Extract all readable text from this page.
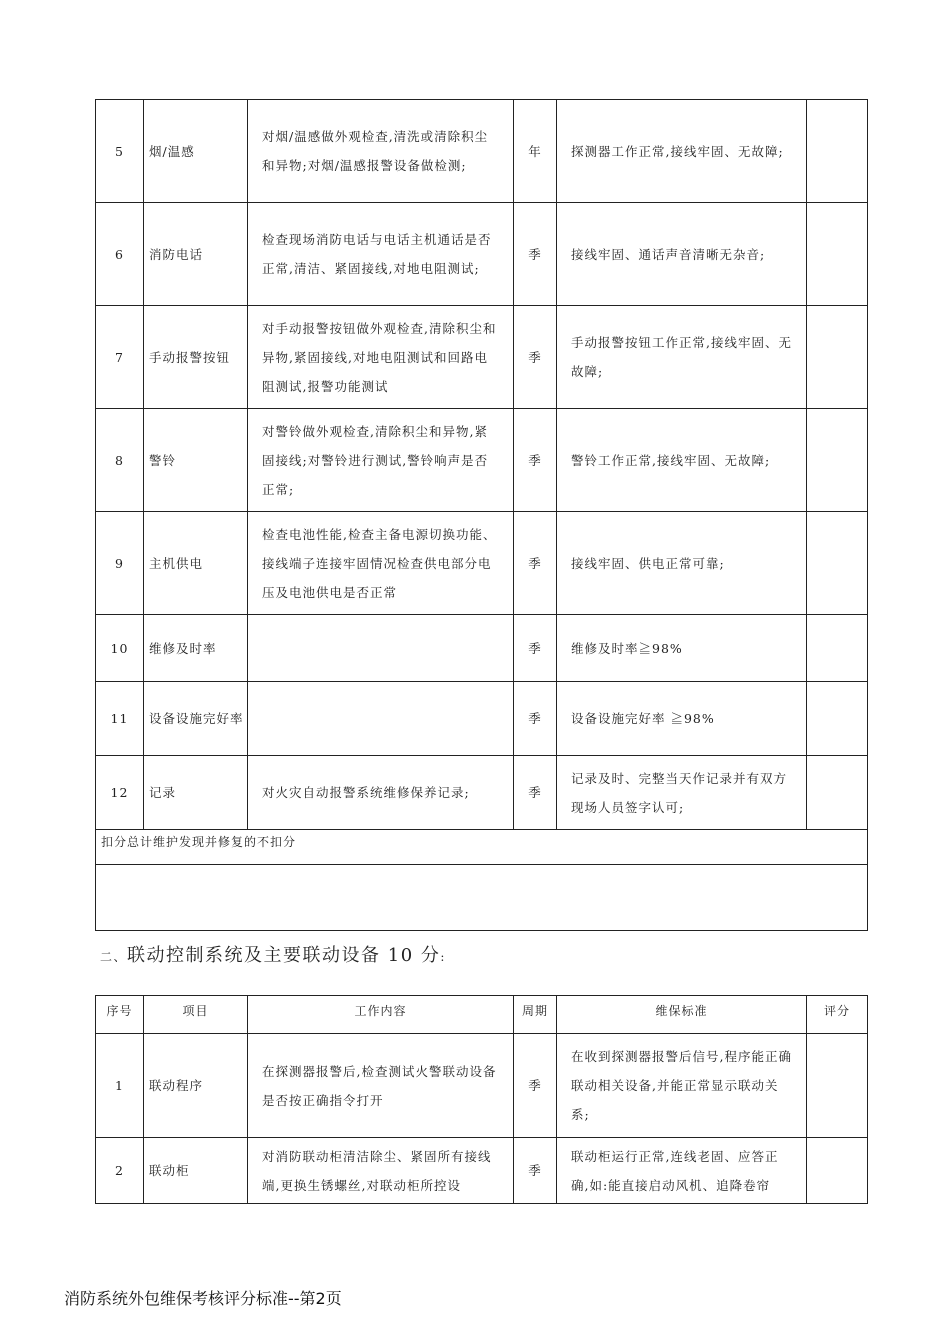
5	烟/温感	对烟/温感做外观检查,清洗或清除积尘和异物;对烟/温感报警设备做检测;	年	探测器工作正常,接线牢固、无故障;	
6	消防电话	检查现场消防电话与电话主机通话是否正常,清洁、紧固接线,对地电阻测试;	季	接线牢固、通话声音清晰无杂音;	
7	手动报警按钮	对手动报警按钮做外观检查,清除积尘和异物,紧固接线,对地电阻测试和回路电阻测试,报警功能测试	季	手动报警按钮工作正常,接线牢固、无故障;	
8	警铃	对警铃做外观检查,清除积尘和异物,紧固接线;对警铃进行测试,警铃响声是否正常;	季	警铃工作正常,接线牢固、无故障;	
9	主机供电	检查电池性能,检查主备电源切换功能、接线端子连接牢固情况检查供电部分电压及电池供电是否正常	季	接线牢固、供电正常可靠;	
10	维修及时率		季	维修及时率≧98%	
11	设备设施完好率		季	设备设施完好率 ≧98%	
12	记录	对火灾自动报警系统维修保养记录;	季	记录及时、完整当天作记录并有双方现场人员签字认可;	
扣分总计维护发现并修复的不扣分					

二、联动控制系统及主要联动设备 10 分:
序号	项目	工作内容	周期	维保标准	评分
1	联动程序	在探测器报警后,检查测试火警联动设备是否按正确指令打开	季	在收到探测器报警后信号,程序能正确联动相关设备,并能正常显示联动关系;	
2	联动柜	对消防联动柜清洁除尘、紧固所有接线端,更换生锈螺丝,对联动柜所控设	季	联动柜运行正常,连线老固、应答正确,如:能直接启动风机、追降卷帘	
消防系统外包维保考核评分标准--第2页
